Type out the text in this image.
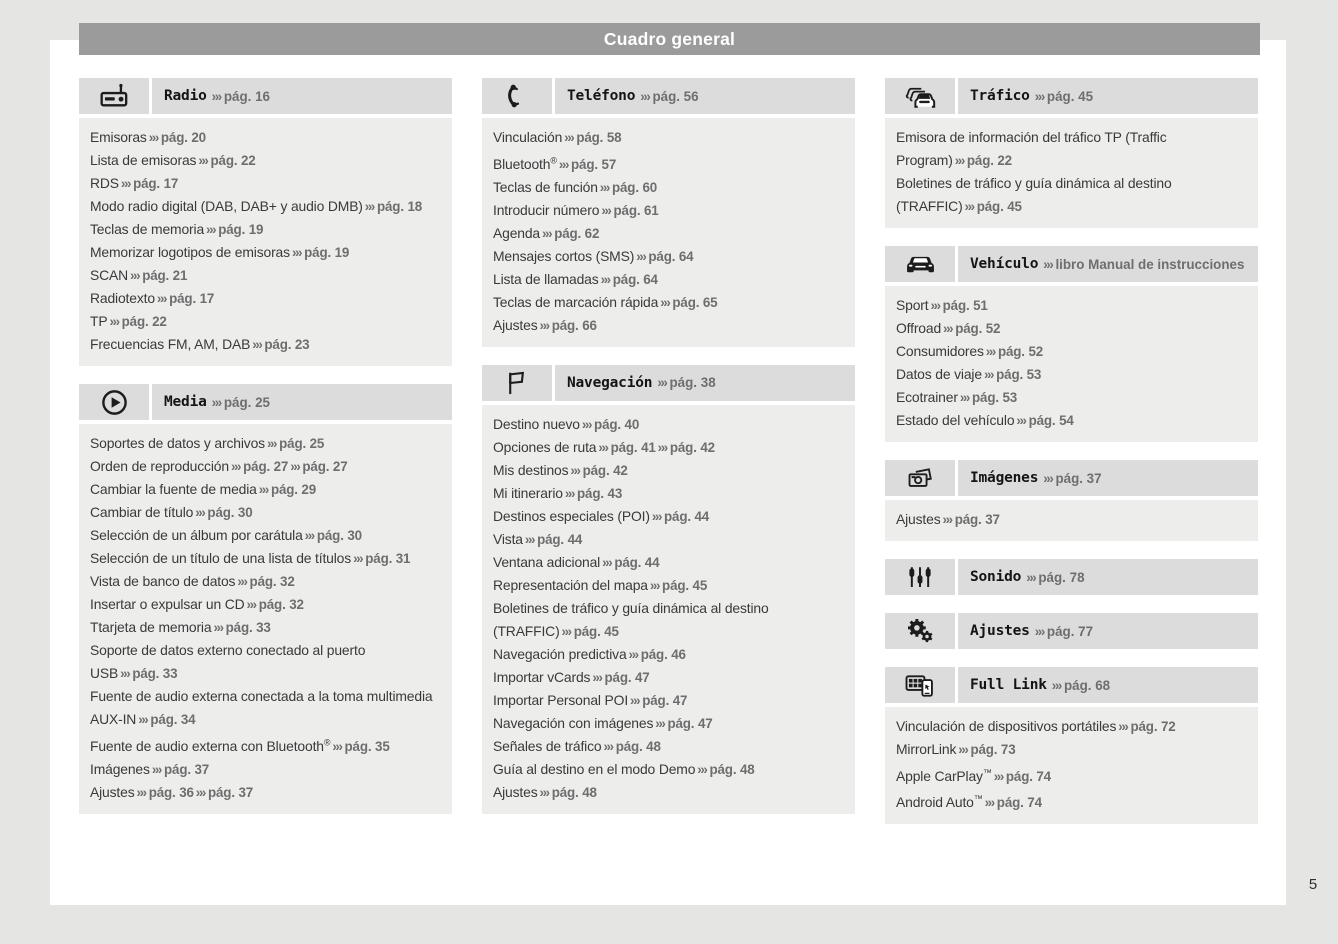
Cuadro general
Radio ››› pág. 16
Emisoras ››› pág. 20
Lista de emisoras ››› pág. 22
RDS ››› pág. 17
Modo radio digital (DAB, DAB+ y audio DMB) ››› pág. 18
Teclas de memoria ››› pág. 19
Memorizar logotipos de emisoras ››› pág. 19
SCAN ››› pág. 21
Radiotexto ››› pág. 17
TP ››› pág. 22
Frecuencias FM, AM, DAB ››› pág. 23
Media ››› pág. 25
Soportes de datos y archivos ››› pág. 25
Orden de reproducción ››› pág. 27 ››› pág. 27
Cambiar la fuente de media ››› pág. 29
Cambiar de título ››› pág. 30
Selección de un álbum por carátula ››› pág. 30
Selección de un título de una lista de títulos ››› pág. 31
Vista de banco de datos ››› pág. 32
Insertar o expulsar un CD ››› pág. 32
Ttarjeta de memoria ››› pág. 33
Soporte de datos externo conectado al puerto USB ››› pág. 33
Fuente de audio externa conectada a la toma multimedia AUX-IN ››› pág. 34
Fuente de audio externa con Bluetooth® ››› pág. 35
Imágenes ››› pág. 37
Ajustes ››› pág. 36 ››› pág. 37
Teléfono ››› pág. 56
Vinculación ››› pág. 58
Bluetooth® ››› pág. 57
Teclas de función ››› pág. 60
Introducir número ››› pág. 61
Agenda ››› pág. 62
Mensajes cortos (SMS) ››› pág. 64
Lista de llamadas ››› pág. 64
Teclas de marcación rápida ››› pág. 65
Ajustes ››› pág. 66
Navegación ››› pág. 38
Destino nuevo ››› pág. 40
Opciones de ruta ››› pág. 41 ››› pág. 42
Mis destinos ››› pág. 42
Mi itinerario ››› pág. 43
Destinos especiales (POI) ››› pág. 44
Vista ››› pág. 44
Ventana adicional ››› pág. 44
Representación del mapa ››› pág. 45
Boletines de tráfico y guía dinámica al destino (TRAFFIC) ››› pág. 45
Navegación predictiva ››› pág. 46
Importar vCards ››› pág. 47
Importar Personal POI ››› pág. 47
Navegación con imágenes ››› pág. 47
Señales de tráfico ››› pág. 48
Guía al destino en el modo Demo ››› pág. 48
Ajustes ››› pág. 48
Tráfico ››› pág. 45
Emisora de información del tráfico TP (Traffic Program) ››› pág. 22
Boletines de tráfico y guía dinámica al destino (TRAFFIC) ››› pág. 45
Vehículo ››› libro Manual de instrucciones
Sport ››› pág. 51
Offroad ››› pág. 52
Consumidores ››› pág. 52
Datos de viaje ››› pág. 53
Ecotrainer ››› pág. 53
Estado del vehículo ››› pág. 54
Imágenes ››› pág. 37
Ajustes ››› pág. 37
Sonido ››› pág. 78
Ajustes ››› pág. 77
Full Link ››› pág. 68
Vinculación de dispositivos portátiles ››› pág. 72
MirrorLink ››› pág. 73
Apple CarPlay™ ››› pág. 74
Android Auto™ ››› pág. 74
5
